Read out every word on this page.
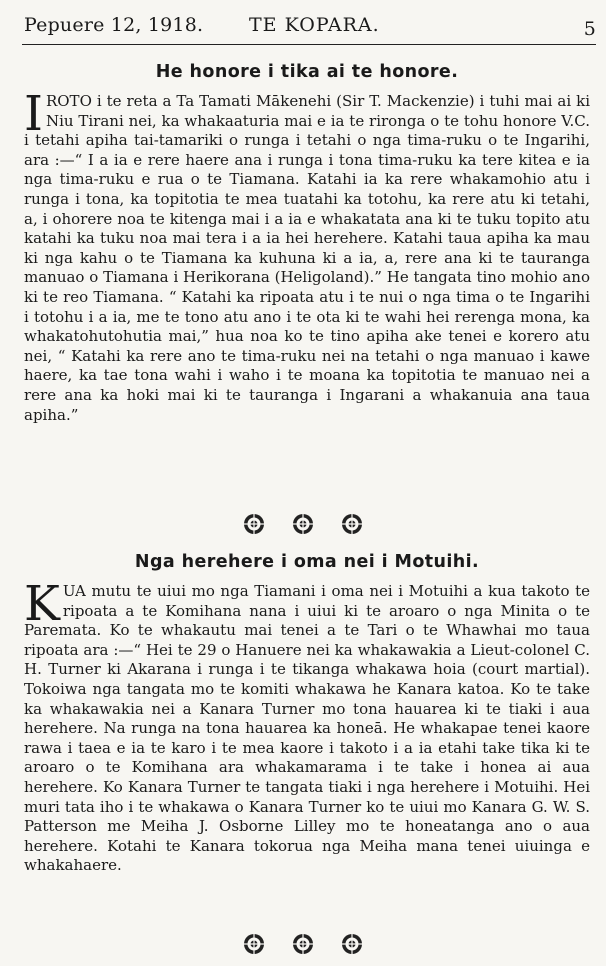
Pepuere 12, 1918. TE KOPARA.	5
He honore i tika ai te honore.
I ROTO i te reta a Ta Tamati Mākenehi (Sir T. Mackenzie) i tuhi mai ai ki Niu Tirani nei, ka whakaaturia mai e ia te rironga o te tohu honore V.C. i tetahi apiha tai-tamariki o runga i tetahi o nga tima-ruku o te Ingarihi, ara :—“ I a ia e rere haere ana i runga i tona tima-ruku ka tere kitea e ia nga tima-ruku e rua o te Tiamana. Katahi ia ka rere whakamohio atu i runga i tona, ka topitotia te mea tuatahi ka totohu, ka rere atu ki tetahi, a, i ohorere noa te kitenga mai i a ia e whakatata ana ki te tuku topito atu katahi ka tuku noa mai tera i a ia hei herehere. Katahi taua apiha ka mau ki nga kahu o te Tiamana ka kuhuna ki a ia, a, rere ana ki te tauranga manuao o Tiamana i Herikorana (Heligoland).” He tangata tino mohio ano ki te reo Tiamana. “ Katahi ka ripoata atu i te nui o nga tima o te Ingarihi i totohu i a ia, me te tono atu ano i te ota ki te wahi hei rerenga mona, ka whakatohutohutia mai,” hua noa ko te tino apiha ake tenei e korero atu nei, “ Katahi ka rere ano te tima-ruku nei na tetahi o nga manuao i kawe haere, ka tae tona wahi i waho i te moana ka topitotia te manuao nei a rere ana ka hoki mai ki te tauranga i Ingarani a whakanuia ana taua apiha.”

Nga herehere i oma nei i Motuihi.
K UA mutu te uiui mo nga Tiamani i oma nei i Motuihi a kua takoto te ripoata a te Komihana nana i uiui ki te aroaro o nga Minita o te Paremata. Ko te whakautu mai tenei a te Tari o te Whawhai mo taua ripoata ara :—“ Hei te 29 o Hanuere nei ka whakawakia a Lieut-colonel C. H. Turner ki Akarana i runga i te tikanga whakawa hoia (court martial). Tokoiwa nga tangata mo te komiti whakawa he Kanara katoa. Ko te take ka whakawakia nei a Kanara Turner mo tona hauarea ki te tiaki i aua herehere. Na runga na tona hauarea ka honeā. He whakapae tenei kaore rawa i taea e ia te karo i te mea kaore i takoto i a ia etahi take tika ki te aroaro o te Komihana ara whakamarama i te take i honea ai aua herehere. Ko Kanara Turner te tangata tiaki i nga herehere i Motuihi. Hei muri tata iho i te whakawa o Kanara Turner ko te uiui mo Kanara G. W. S. Patterson me Meiha J. Osborne Lilley mo te honeatanga ano o aua herehere. Kotahi te Kanara tokorua nga Meiha mana tenei uiuinga e whakahaere.
